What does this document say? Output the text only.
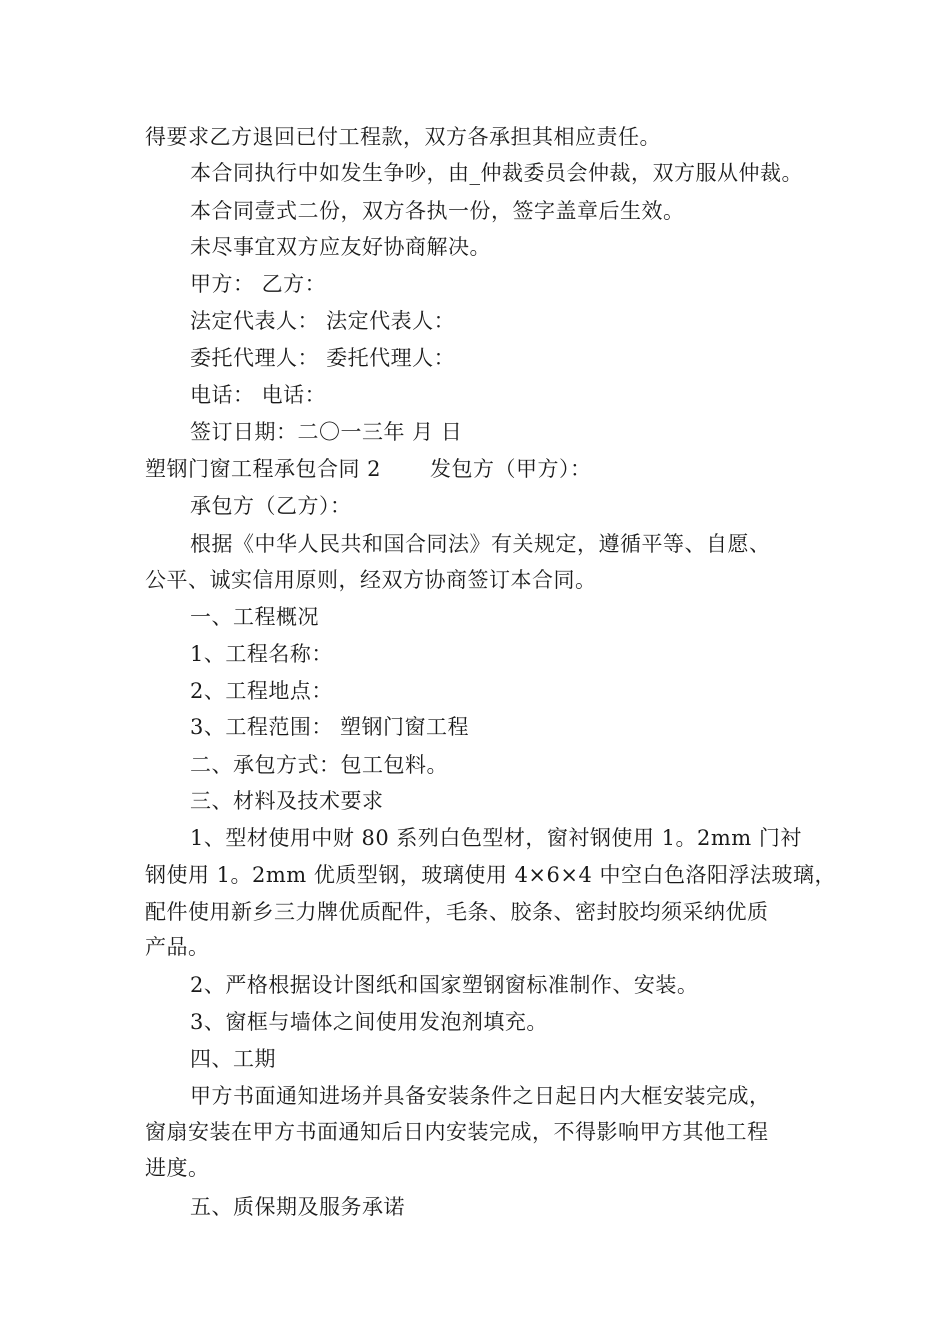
得要求乙方退回已付工程款，双方各承担其相应责任。
本合同执行中如发生争吵，由_仲裁委员会仲裁，双方服从仲裁。
本合同壹式二份，双方各执一份，签字盖章后生效。
未尽事宜双方应友好协商解决。
甲方： 乙方：
法定代表人： 法定代表人：
委托代理人： 委托代理人：
电话： 电话：
签订日期：二〇一三年 月 日
塑钢门窗工程承包合同 2 发包方（甲方）：
承包方（乙方）：
根据《中华人民共和国合同法》有关规定，遵循平等、自愿、
公平、诚实信用原则，经双方协商签订本合同。
一、工程概况
1、工程名称：
2、工程地点：
3、工程范围： 塑钢门窗工程
二、承包方式：包工包料。
三、材料及技术要求
1、型材使用中财 80 系列白色型材，窗衬钢使用 1。2mm 门衬
钢使用 1。2mm 优质型钢，玻璃使用 4×6×4 中空白色洛阳浮法玻璃，
配件使用新乡三力牌优质配件，毛条、胶条、密封胶均须采纳优质
产品。
2、严格根据设计图纸和国家塑钢窗标准制作、安装。
3、窗框与墙体之间使用发泡剂填充。
四、工期
甲方书面通知进场并具备安装条件之日起日内大框安装完成，
窗扇安装在甲方书面通知后日内安装完成，不得影响甲方其他工程
进度。
五、质保期及服务承诺
